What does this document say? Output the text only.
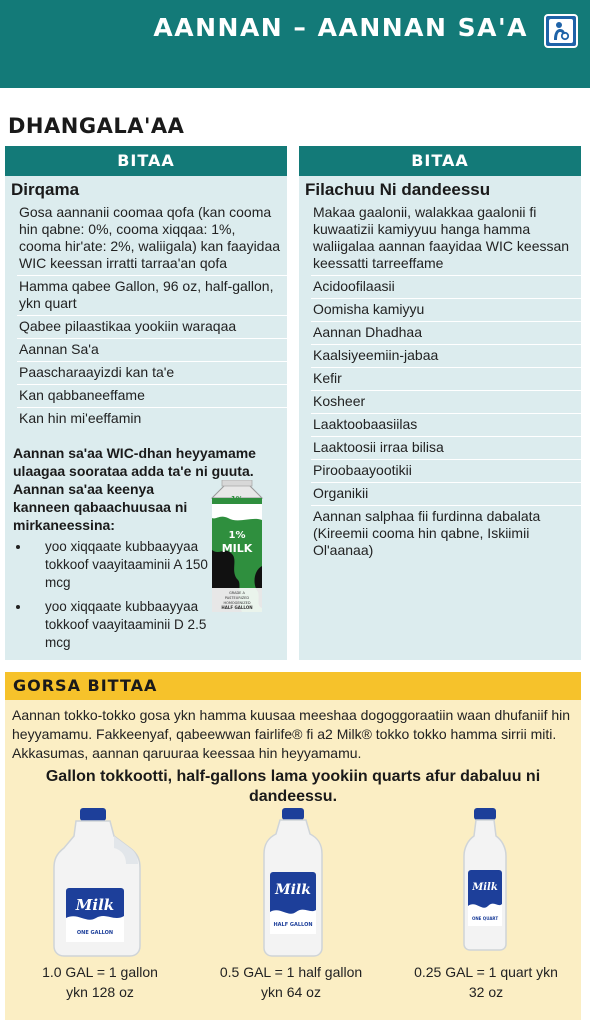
AANNAN – AANNAN SA'A
DHANGALA'AA
BITAA
Dirqama
Gosa aannanii coomaa qofa (kan cooma hin qabne: 0%, cooma xiqqaa: 1%, cooma hir'ate: 2%, waliigala) kan faayidaa WIC keessan irratti tarraa'an qofa
Hamma qabee Gallon, 96 oz, half-gallon, ykn quart
Qabee pilaastikaa yookiin waraqaa
Aannan Sa'a
Paascharaayizdi kan ta'e
Kan qabbaneeffame
Kan hin mi'eeffamin
Aannan sa'aa WIC-dhan heyyamame ulaagaa soorataa adda ta'e ni guuta.
Aannan sa'aa keenya kanneen qabaachuusaa ni mirkaneessina:
• yoo xiqqaate kubbaayyaa tokkoof vaayitaaminii A 150 mcg
• yoo xiqqaate kubbaayyaa tokkoof vaayitaaminii D 2.5 mcg
1%
1%
MILK
GRADE A
PASTEURIZED
HOMOGENIZED
HALF GALLON
BITAA
Filachuu Ni dandeessu
Makaa gaalonii, walakkaa gaalonii fi kuwaatizii kamiyyuu hanga hamma waliigalaa aannan faayidaa WIC keessan keessatti tarreeffame
Acidoofilaasii
Oomisha kamiyyu
Aannan Dhadhaa
Kaalsiyeemiin-jabaa
Kefir
Kosheer
Laaktoobaasiilas
Laaktoosii irraa bilisa
Piroobaayootikii
Organikii
Aannan salphaa fii furdinna dabalata (Kireemii cooma hin qabne, Iskiimii Ol'aanaa)
GORSA BITTAA
Aannan tokko-tokko gosa ykn hamma kuusaa meeshaa dogoggoraatiin waan dhufaniif hin heyyamamu. Fakkeenyaf, qabeewwan fairlife® fi a2 Milk® tokko tokko hamma sirrii miti. Akkasumas, aannan qaruuraa keessaa hin heyyamamu.
Gallon tokkootti, half-gallons lama yookiin quarts afur dabaluu ni dandeessu.
Milk
ONE GALLON
Milk
HALF GALLON
Milk
ONE QUART
1.0 GAL = 1 gallon
ykn 128 oz
0.5 GAL = 1 half gallon
ykn 64 oz
0.25 GAL = 1 quart ykn
32 oz
